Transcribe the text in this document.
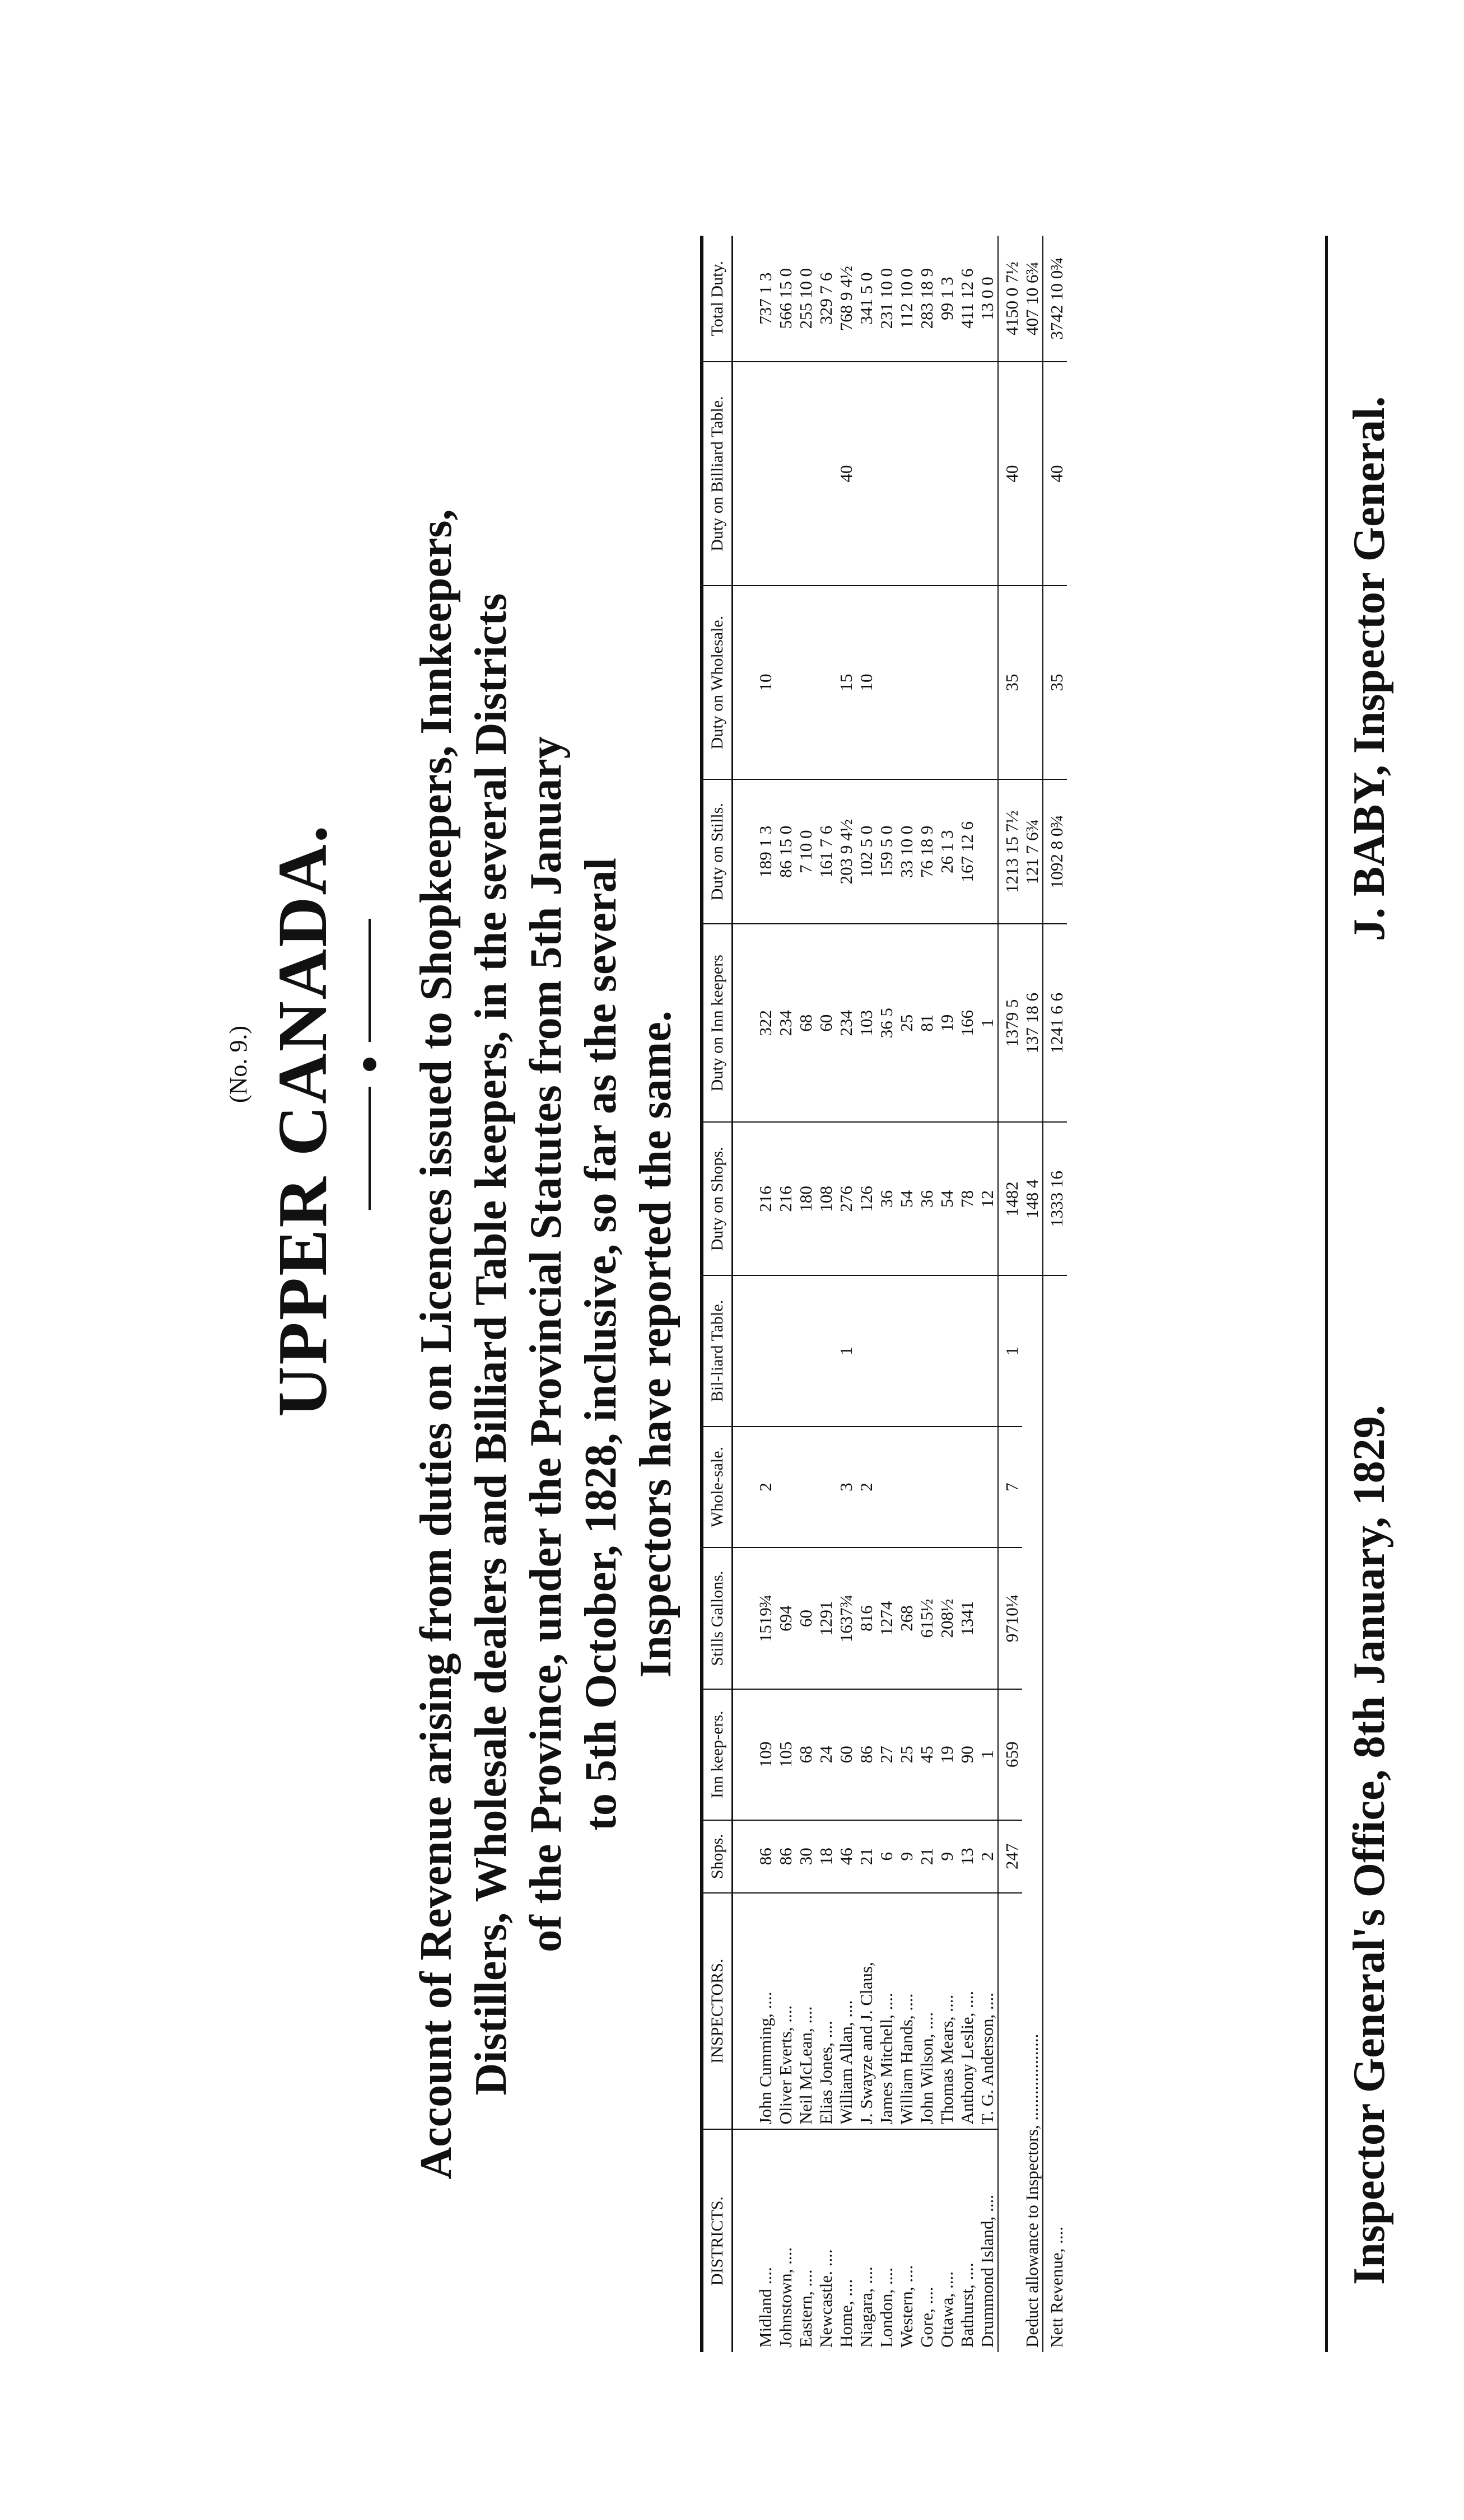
(No. 9.) UPPER CANADA. Account of Revenue arising from duties on Licences issued to Shopkeepers, Innkeepers, Distillers, Wholesale dealers and Billiard Table keepers, in the several Districts of the Province, under the Provincial Statutes from 5th January to 5th October, 1828, inclusive, so far as the several Inspectors have reported the same.
DISTRICTS.	INSPECTORS.	Shops.	Inn keep-ers.	Stills Gallons.	Whole-sale.	Bil-liard Table.	Duty on Shops.	Duty on Inn keepers	Duty on Stills.	Duty on Wholesale.	Duty on Billiard Table.	Total Duty.
Midland ....	John Cumming, ....	86	109	1519¾	2		216	322	189 1 3	10		737 1 3
Johnstown, ....	Oliver Everts, ....	86	105	694			216	234	86 15 0			566 15 0
Eastern, ....	Neil McLean, ....	30	68	60			180	68	7 10 0			255 10 0
Newcastle. ....	Elias Jones, ....	18	24	1291			108	60	161 7 6			329 7 6
Home, ....	William Allan, ....	46	60	1637¾	3	1	276	234	203 9 4½	15	40	768 9 4½
Niagara, ....	J. Swayze and J. Claus,	21	86	816	2		126	103	102 5 0	10		341 5 0
London, ....	James Mitchell, ....	6	27	1274			36	36 5	159 5 0			231 10 0
Western, ....	William Hands, ....	9	25	268			54	25	33 10 0			112 10 0
Gore, ....	John Wilson, ....	21	45	615½			36	81	76 18 9			283 18 9
Ottawa, ....	Thomas Mears, ....	9	19	208½			54	19	26 1 3			99 1 3
Bathurst, ....	Anthony Leslie, ....	13	90	1341			78	166	167 12 6			411 12 6
Drummond Island, ....	T. G. Anderson, ....	2	1				12	1				13 0 0
		247	659	9710¼	7	1	1482	1379 5	1213 15 7½	35	40	4150 0 7½
Deduct allowance to Inspectors, ....................							148 4	137 18 6	121 7 6¾			407 10 6¾
Nett Revenue, ....							1333 16	1241 6 6	1092 8 0¾	35	40	3742 10 0¾
Inspector General's Office, 8th January, 1829.
J. BABY, Inspector General.
